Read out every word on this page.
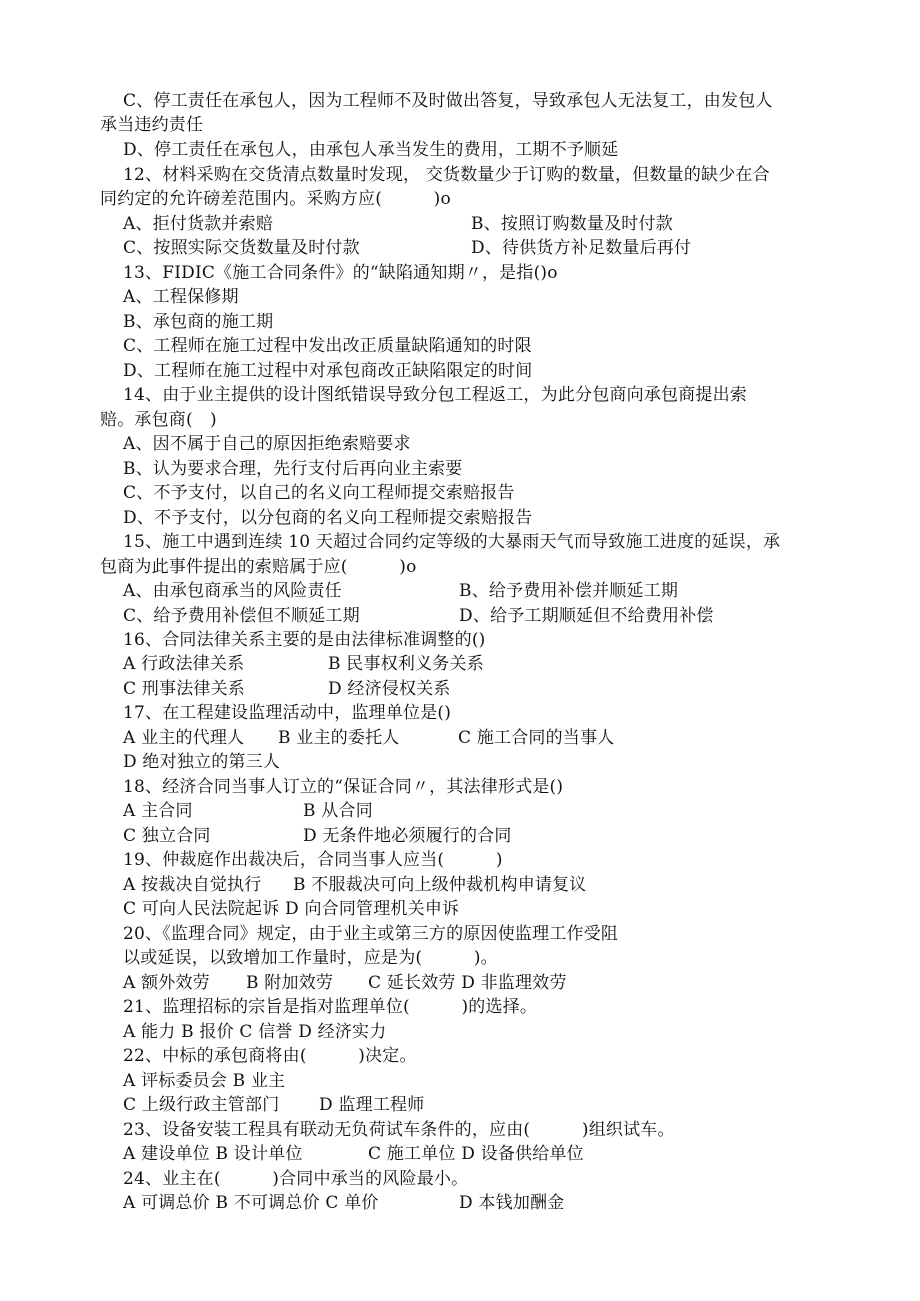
C、停工责任在承包人，因为工程师不及时做出答复，导致承包人无法复工，由发包人
承当违约责任
D、停工责任在承包人，由承包人承当发生的费用，工期不予顺延
12、材料采购在交货清点数量时发现， 交货数量少于订购的数量，但数量的缺少在合
同约定的允许磅差范围内。采购方应(　　　)o
A、拒付货款并索赔	B、按照订购数量及时付款
C、按照实际交货数量及时付款	D、待供货方补足数量后再付
13、FIDIC《施工合同条件》的“缺陷通知期〃，是指()o
A、工程保修期
B、承包商的施工期
C、工程师在施工过程中发出改正质量缺陷通知的时限
D、工程师在施工过程中对承包商改正缺陷限定的时间
14、由于业主提供的设计图纸错误导致分包工程返工，为此分包商向承包商提出索
赔。承包商(　)
A、因不属于自己的原因拒绝索赔要求
B、认为要求合理，先行支付后再向业主索要
C、不予支付，以自己的名义向工程师提交索赔报告
D、不予支付，以分包商的名义向工程师提交索赔报告
15、施工中遇到连续 10 天超过合同约定等级的大暴雨天气而导致施工进度的延误，承
包商为此事件提出的索赔属于应(　　　)o
A、由承包商承当的风险责任	B、给予费用补偿并顺延工期
C、给予费用补偿但不顺延工期	D、给予工期顺延但不给费用补偿
16、合同法律关系主要的是由法律标准调整的()
A 行政法律关系	B 民事权利义务关系
C 刑事法律关系	D 经济侵权关系
17、在工程建设监理活动中，监理单位是()
A 业主的代理人 B 业主的委托人	C 施工合同的当事人
D 绝对独立的第三人
18、经济合同当事人订立的“保证合同〃，其法律形式是()
A 主合同	B 从合同
C 独立合同	D 无条件地必须履行的合同
19、仲裁庭作出裁决后，合同当事人应当(　　　)
A 按裁决自觉执行 B 不服裁决可向上级仲裁机构申请复议
C 可向人民法院起诉 D 向合同管理机关申诉
20、《监理合同》规定，由于业主或第三方的原因使监理工作受阻
以或延误，以致增加工作量时，应是为(　　　)。
A 额外效劳 B 附加效劳 C 延长效劳 D 非监理效劳
21、监理招标的宗旨是指对监理单位(　　　)的选择。
A 能力 B 报价 C 信誉 D 经济实力
22、中标的承包商将由(　　　)决定。
A 评标委员会 B 业主
C 上级行政主管部门 D 监理工程师
23、设备安装工程具有联动无负荷试车条件的，应由(　　　)组织试车。
A 建设单位 B 设计单位	C 施工单位 D 设备供给单位
24、业主在(　　　)合同中承当的风险最小。
A 可调总价 B 不可调总价 C 单价	D 本钱加酬金
